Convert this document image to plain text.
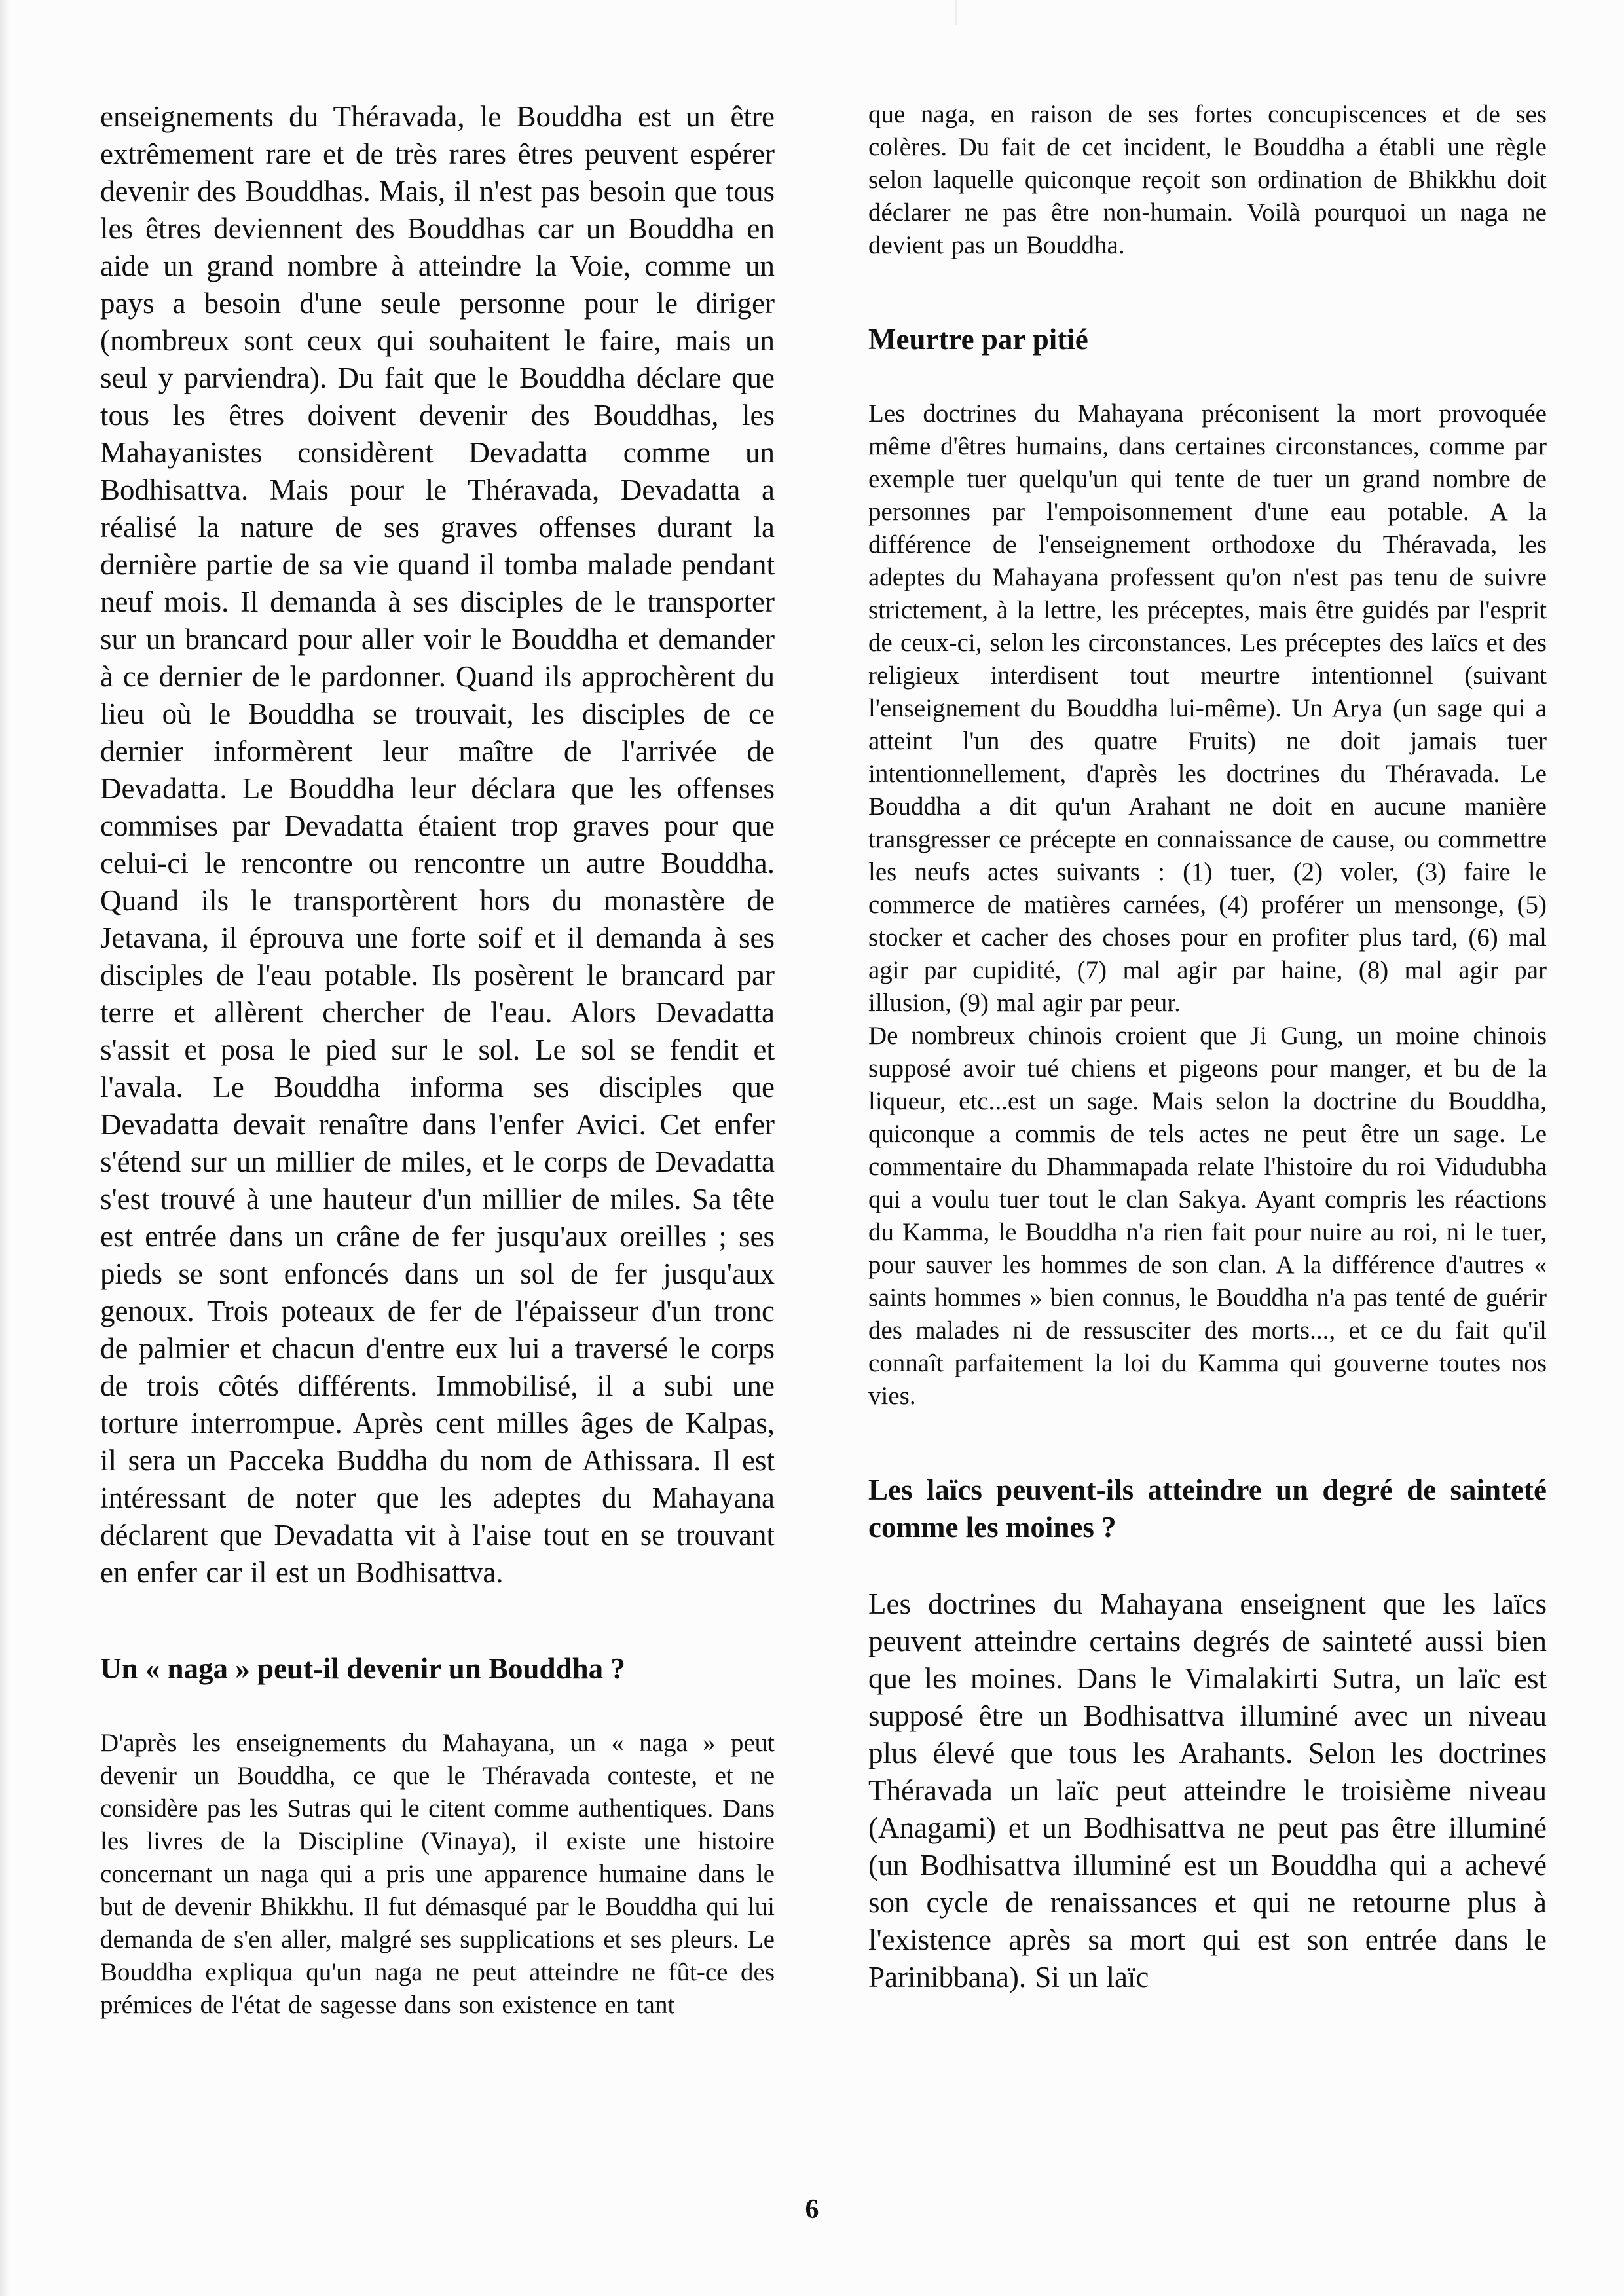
enseignements du Théravada, le Bouddha est un être extrêmement rare et de très rares êtres peuvent espérer devenir des Bouddhas. Mais, il n'est pas besoin que tous les êtres deviennent des Bouddhas car un Bouddha en aide un grand nombre à atteindre la Voie, comme un pays a besoin d'une seule personne pour le diriger (nombreux sont ceux qui souhaitent le faire, mais un seul y parviendra). Du fait que le Bouddha déclare que tous les êtres doivent devenir des Bouddhas, les Mahayanistes considèrent Devadatta comme un Bodhisattva. Mais pour le Théravada, Devadatta a réalisé la nature de ses graves offenses durant la dernière partie de sa vie quand il tomba malade pendant neuf mois. Il demanda à ses disciples de le transporter sur un brancard pour aller voir le Bouddha et demander à ce dernier de le pardonner. Quand ils approchèrent du lieu où le Bouddha se trouvait, les disciples de ce dernier informèrent leur maître de l'arrivée de Devadatta. Le Bouddha leur déclara que les offenses commises par Devadatta étaient trop graves pour que celui-ci le rencontre ou rencontre un autre Bouddha. Quand ils le transportèrent hors du monastère de Jetavana, il éprouva une forte soif et il demanda à ses disciples de l'eau potable. Ils posèrent le brancard par terre et allèrent chercher de l'eau. Alors Devadatta s'assit et posa le pied sur le sol. Le sol se fendit et l'avala. Le Bouddha informa ses disciples que Devadatta devait renaître dans l'enfer Avici. Cet enfer s'étend sur un millier de miles, et le corps de Devadatta s'est trouvé à une hauteur d'un millier de miles. Sa tête est entrée dans un crâne de fer jusqu'aux oreilles ; ses pieds se sont enfoncés dans un sol de fer jusqu'aux genoux. Trois poteaux de fer de l'épaisseur d'un tronc de palmier et chacun d'entre eux lui a traversé le corps de trois côtés différents. Immobilisé, il a subi une torture interrompue. Après cent milles âges de Kalpas, il sera un Pacceka Buddha du nom de Athissara. Il est intéressant de noter que les adeptes du Mahayana déclarent que Devadatta vit à l'aise tout en se trouvant en enfer car il est un Bodhisattva.

Un « naga » peut-il devenir un Bouddha ?

D'après les enseignements du Mahayana, un « naga » peut devenir un Bouddha, ce que le Théravada conteste, et ne considère pas les Sutras qui le citent comme authentiques. Dans les livres de la Discipline (Vinaya), il existe une histoire concernant un naga qui a pris une apparence humaine dans le but de devenir Bhikkhu. Il fut démasqué par le Bouddha qui lui demanda de s'en aller, malgré ses supplications et ses pleurs. Le Bouddha expliqua qu'un naga ne peut atteindre ne fût-ce des prémices de l'état de sagesse dans son existence en tant

que naga, en raison de ses fortes concupiscences et de ses colères. Du fait de cet incident, le Bouddha a établi une règle selon laquelle quiconque reçoit son ordination de Bhikkhu doit déclarer ne pas être non-humain. Voilà pourquoi un naga ne devient pas un Bouddha.

Meurtre par pitié

Les doctrines du Mahayana préconisent la mort provoquée même d'êtres humains, dans certaines circonstances, comme par exemple tuer quelqu'un qui tente de tuer un grand nombre de personnes par l'empoisonnement d'une eau potable. A la différence de l'enseignement orthodoxe du Théravada, les adeptes du Mahayana professent qu'on n'est pas tenu de suivre strictement, à la lettre, les préceptes, mais être guidés par l'esprit de ceux-ci, selon les circonstances. Les préceptes des laïcs et des religieux interdisent tout meurtre intentionnel (suivant l'enseignement du Bouddha lui-même). Un Arya (un sage qui a atteint l'un des quatre Fruits) ne doit jamais tuer intentionnellement, d'après les doctrines du Théravada. Le Bouddha a dit qu'un Arahant ne doit en aucune manière transgresser ce précepte en connaissance de cause, ou commettre les neufs actes suivants : (1) tuer, (2) voler, (3) faire le commerce de matières carnées, (4) proférer un mensonge, (5) stocker et cacher des choses pour en profiter plus tard, (6) mal agir par cupidité, (7) mal agir par haine, (8) mal agir par illusion, (9) mal agir par peur.

De nombreux chinois croient que Ji Gung, un moine chinois supposé avoir tué chiens et pigeons pour manger, et bu de la liqueur, etc...est un sage. Mais selon la doctrine du Bouddha, quiconque a commis de tels actes ne peut être un sage. Le commentaire du Dhammapada relate l'histoire du roi Vidudubha qui a voulu tuer tout le clan Sakya. Ayant compris les réactions du Kamma, le Bouddha n'a rien fait pour nuire au roi, ni le tuer, pour sauver les hommes de son clan. A la différence d'autres « saints hommes » bien connus, le Bouddha n'a pas tenté de guérir des malades ni de ressusciter des morts..., et ce du fait qu'il connaît parfaitement la loi du Kamma qui gouverne toutes nos vies.

Les laïcs peuvent-ils atteindre un degré de sainteté comme les moines ?

Les doctrines du Mahayana enseignent que les laïcs peuvent atteindre certains degrés de sainteté aussi bien que les moines. Dans le Vimalakirti Sutra, un laïc est supposé être un Bodhisattva illuminé avec un niveau plus élevé que tous les Arahants. Selon les doctrines Théravada un laïc peut atteindre le troisième niveau (Anagami) et un Bodhisattva ne peut pas être illuminé (un Bodhisattva illuminé est un Bouddha qui a achevé son cycle de renaissances et qui ne retourne plus à l'existence après sa mort qui est son entrée dans le Parinibbana). Si un laïc

6
